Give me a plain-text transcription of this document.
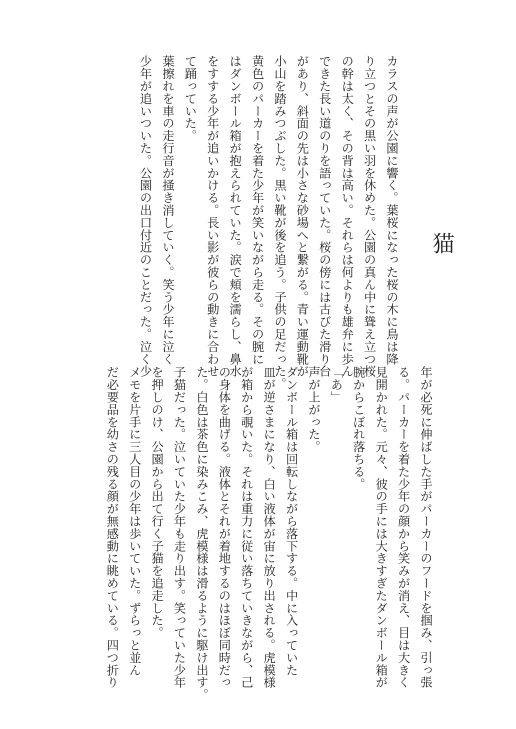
猫
カラスの声が公園に響く。葉桜になった桜の木に鳥は降
り立つとその黒い羽を休めた。公園の真ん中に聳え立つ桜
の幹は太く、その背は高い。それらは何よりも雄弁に歩ん
できた長い道のりを語っていた。桜の傍には古びた滑り台
があり、斜面の先は小さな砂場へと繋がる。青い運動靴が
小山を踏みつぶした。黒い靴が後を追う。子供の足だった。
黄色のパーカーを着た少年が笑いながら走る。その腕に
はダンボール箱が抱えられていた。涙で頬を濡らし、鼻水
をすする少年が追いかける。長い影が彼らの動きに合わせ
て踊っていた。
葉擦れを車の走行音が掻き消していく。笑う少年に泣く
少年が追いついた。公園の出口付近のことだった。泣く少
年が必死に伸ばした手がパーカーのフードを掴み、引っ張
る。パーカーを着た少年の顔から笑みが消え、目は大きく
見開かれた。元々、彼の手には大きすぎたダンボール箱が
腕からこぼれ落ちる。
「あ」
声が上がった。
ダンボール箱は回転しながら落下する。中に入っていた
皿が逆さまになり、白い液体が宙に放り出される。虎模様
が箱から覗いた。それは重力に従い落ちていきながら、己
の身体を曲げる。液体とそれが着地するのはほぼ同時だっ
た。白色は茶色に染みこみ、虎模様は滑るように駆け出す。
子猫だった。泣いていた少年も走り出す。笑っていた少年
を押しのけ、公園から出て行く子猫を追走した。
メモを片手に三人目の少年は歩いていた。ずらっと並ん
だ必要品を幼さの残る顔が無感動に眺めている。四つ折り
